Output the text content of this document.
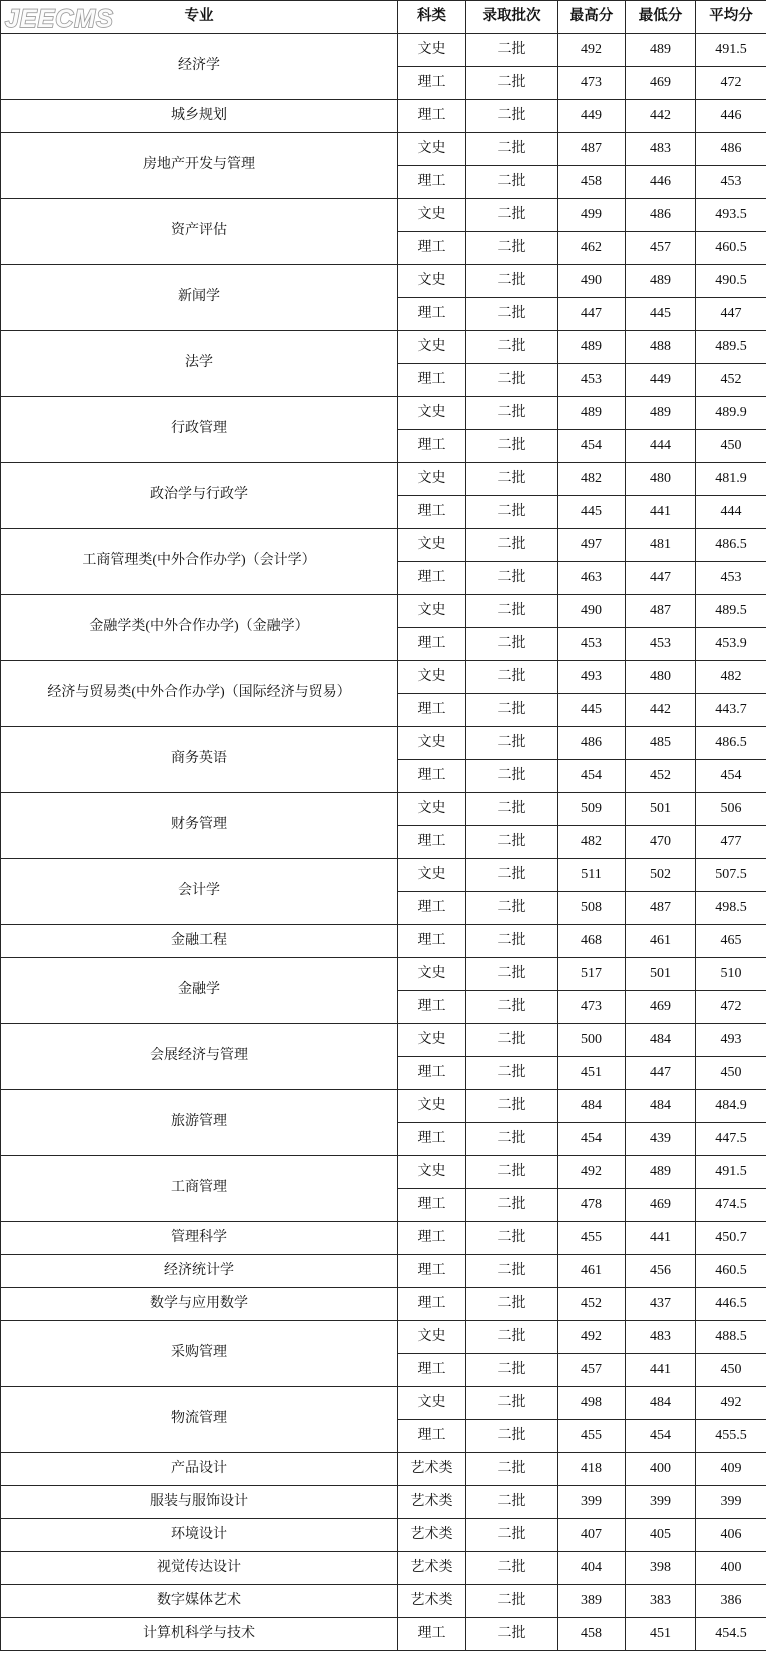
JEECMS	专业	科类	录取批次	最高分	最低分	平均分
经济学	文史	二批	492	489	491.5
	理工	二批	473	469	472
城乡规划	理工	二批	449	442	446
房地产开发与管理	文史	二批	487	483	486
	理工	二批	458	446	453
资产评估	文史	二批	499	486	493.5
	理工	二批	462	457	460.5
新闻学	文史	二批	490	489	490.5
	理工	二批	447	445	447
法学	文史	二批	489	488	489.5
	理工	二批	453	449	452
行政管理	文史	二批	489	489	489.9
	理工	二批	454	444	450
政治学与行政学	文史	二批	482	480	481.9
	理工	二批	445	441	444
工商管理类(中外合作办学)（会计学）	文史	二批	497	481	486.5
	理工	二批	463	447	453
金融学类(中外合作办学)（金融学）	文史	二批	490	487	489.5
	理工	二批	453	453	453.9
经济与贸易类(中外合作办学)（国际经济与贸易）	文史	二批	493	480	482
	理工	二批	445	442	443.7
商务英语	文史	二批	486	485	486.5
	理工	二批	454	452	454
财务管理	文史	二批	509	501	506
	理工	二批	482	470	477
会计学	文史	二批	511	502	507.5
	理工	二批	508	487	498.5
金融工程	理工	二批	468	461	465
金融学	文史	二批	517	501	510
	理工	二批	473	469	472
会展经济与管理	文史	二批	500	484	493
	理工	二批	451	447	450
旅游管理	文史	二批	484	484	484.9
	理工	二批	454	439	447.5
工商管理	文史	二批	492	489	491.5
	理工	二批	478	469	474.5
管理科学	理工	二批	455	441	450.7
经济统计学	理工	二批	461	456	460.5
数学与应用数学	理工	二批	452	437	446.5
采购管理	文史	二批	492	483	488.5
	理工	二批	457	441	450
物流管理	文史	二批	498	484	492
	理工	二批	455	454	455.5
产品设计	艺术类	二批	418	400	409
服装与服饰设计	艺术类	二批	399	399	399
环境设计	艺术类	二批	407	405	406
视觉传达设计	艺术类	二批	404	398	400
数字媒体艺术	艺术类	二批	389	383	386
计算机科学与技术	理工	二批	458	451	454.5
